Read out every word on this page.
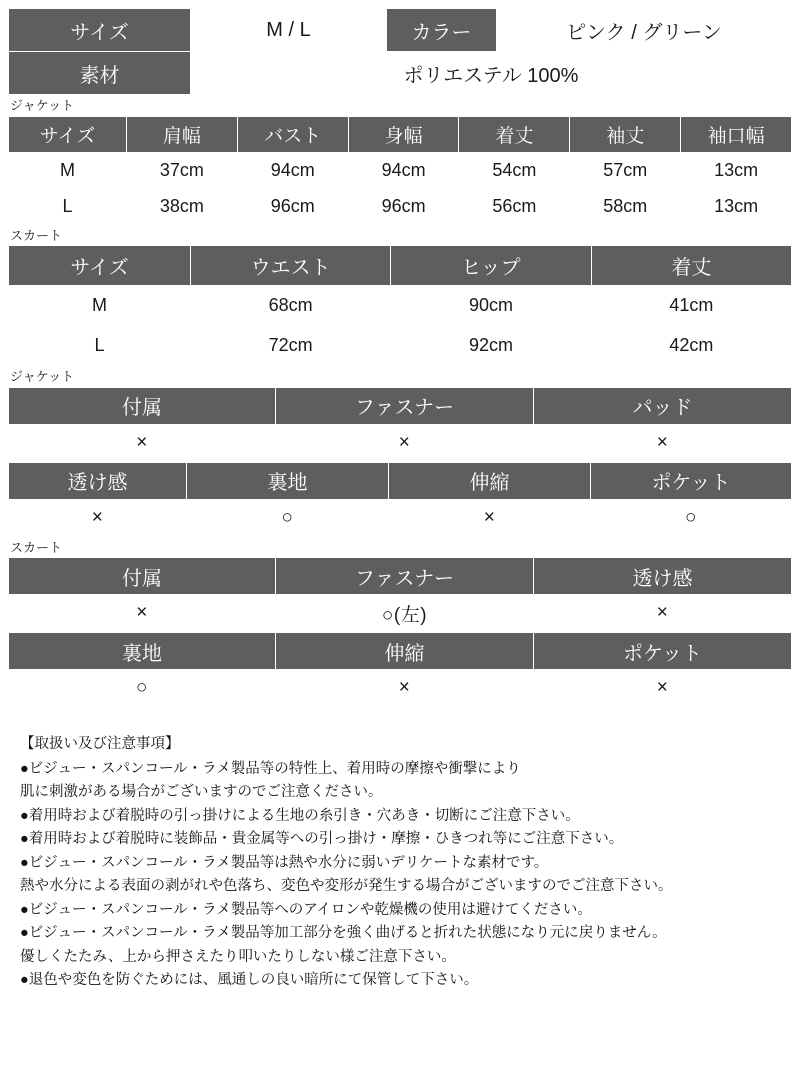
サイズ	M / L	カラー	ピンク / グリーン
素材	ポリエステル 100%		
ジャケット
サイズ	肩幅	バスト	身幅	着丈	袖丈	袖口幅
M	37cm	94cm	94cm	54cm	57cm	13cm
L	38cm	96cm	96cm	56cm	58cm	13cm
スカート
サイズ	ウエスト	ヒップ	着丈
M	68cm	90cm	41cm
L	72cm	92cm	42cm
ジャケット
付属	ファスナー	パッド
×	×	×
透け感	裏地	伸縮	ポケット
×	○	×	○
スカート
付属	ファスナー	透け感
×	○(左)	×
裏地	伸縮	ポケット
○	×	×
【取扱い及び注意事項】
●ビジュー・スパンコール・ラメ製品等の特性上、着用時の摩擦や衝撃により
肌に刺激がある場合がございますのでご注意ください。
●着用時および着脱時の引っ掛けによる生地の糸引き・穴あき・切断にご注意下さい。
●着用時および着脱時に装飾品・貴金属等への引っ掛け・摩擦・ひきつれ等にご注意下さい。
●ビジュー・スパンコール・ラメ製品等は熱や水分に弱いデリケートな素材です。
熱や水分による表面の剥がれや色落ち、変色や変形が発生する場合がございますのでご注意下さい。
●ビジュー・スパンコール・ラメ製品等へのアイロンや乾燥機の使用は避けてください。
●ビジュー・スパンコール・ラメ製品等加工部分を強く曲げると折れた状態になり元に戻りません。
優しくたたみ、上から押さえたり叩いたりしない様ご注意下さい。
●退色や変色を防ぐためには、風通しの良い暗所にて保管して下さい。
